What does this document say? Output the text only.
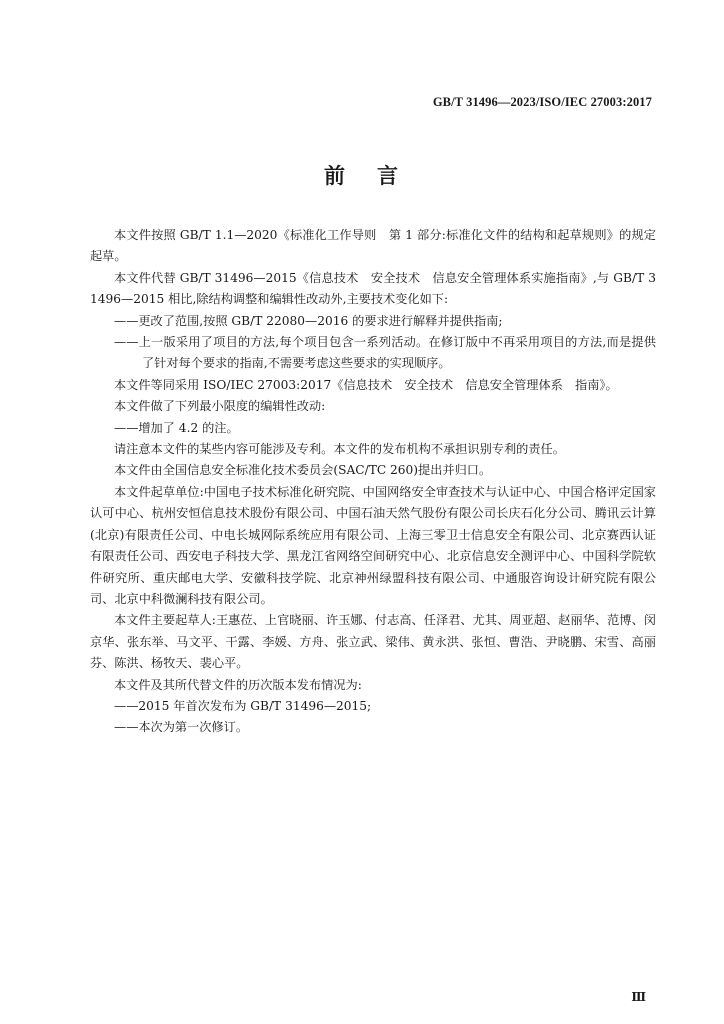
GB/T 31496—2023/ISO/IEC 27003:2017
前 言

本文件按照 GB/T 1.1—2020《标准化工作导则　第 1 部分:标准化文件的结构和起草规则》的规定起草。

本文件代替 GB/T 31496—2015《信息技术　安全技术　信息安全管理体系实施指南》,与 GB/T 31496—2015 相比,除结构调整和编辑性改动外,主要技术变化如下:

——更改了范围,按照 GB/T 22080—2016 的要求进行解释并提供指南;

——上一版采用了项目的方法,每个项目包含一系列活动。在修订版中不再采用项目的方法,而是提供了针对每个要求的指南,不需要考虑这些要求的实现顺序。

本文件等同采用 ISO/IEC 27003:2017《信息技术　安全技术　信息安全管理体系　指南》。

本文件做了下列最小限度的编辑性改动:

——增加了 4.2 的注。

请注意本文件的某些内容可能涉及专利。本文件的发布机构不承担识别专利的责任。

本文件由全国信息安全标准化技术委员会(SAC/TC 260)提出并归口。

本文件起草单位:中国电子技术标准化研究院、中国网络安全审查技术与认证中心、中国合格评定国家认可中心、杭州安恒信息技术股份有限公司、中国石油天然气股份有限公司长庆石化分公司、腾讯云计算(北京)有限责任公司、中电长城网际系统应用有限公司、上海三零卫士信息安全有限公司、北京赛西认证有限责任公司、西安电子科技大学、黑龙江省网络空间研究中心、北京信息安全测评中心、中国科学院软件研究所、重庆邮电大学、安徽科技学院、北京神州绿盟科技有限公司、中通服咨询设计研究院有限公司、北京中科微澜科技有限公司。

本文件主要起草人:王惠莅、上官晓丽、许玉娜、付志高、任泽君、尤其、周亚超、赵丽华、范博、闵京华、张东举、马文平、干露、李媛、方舟、张立武、梁伟、黄永洪、张恒、曹浩、尹晓鹏、宋雪、高丽芬、陈洪、杨牧天、裴心平。

本文件及其所代替文件的历次版本发布情况为:

——2015 年首次发布为 GB/T 31496—2015;

——本次为第一次修订。

Ⅲ
